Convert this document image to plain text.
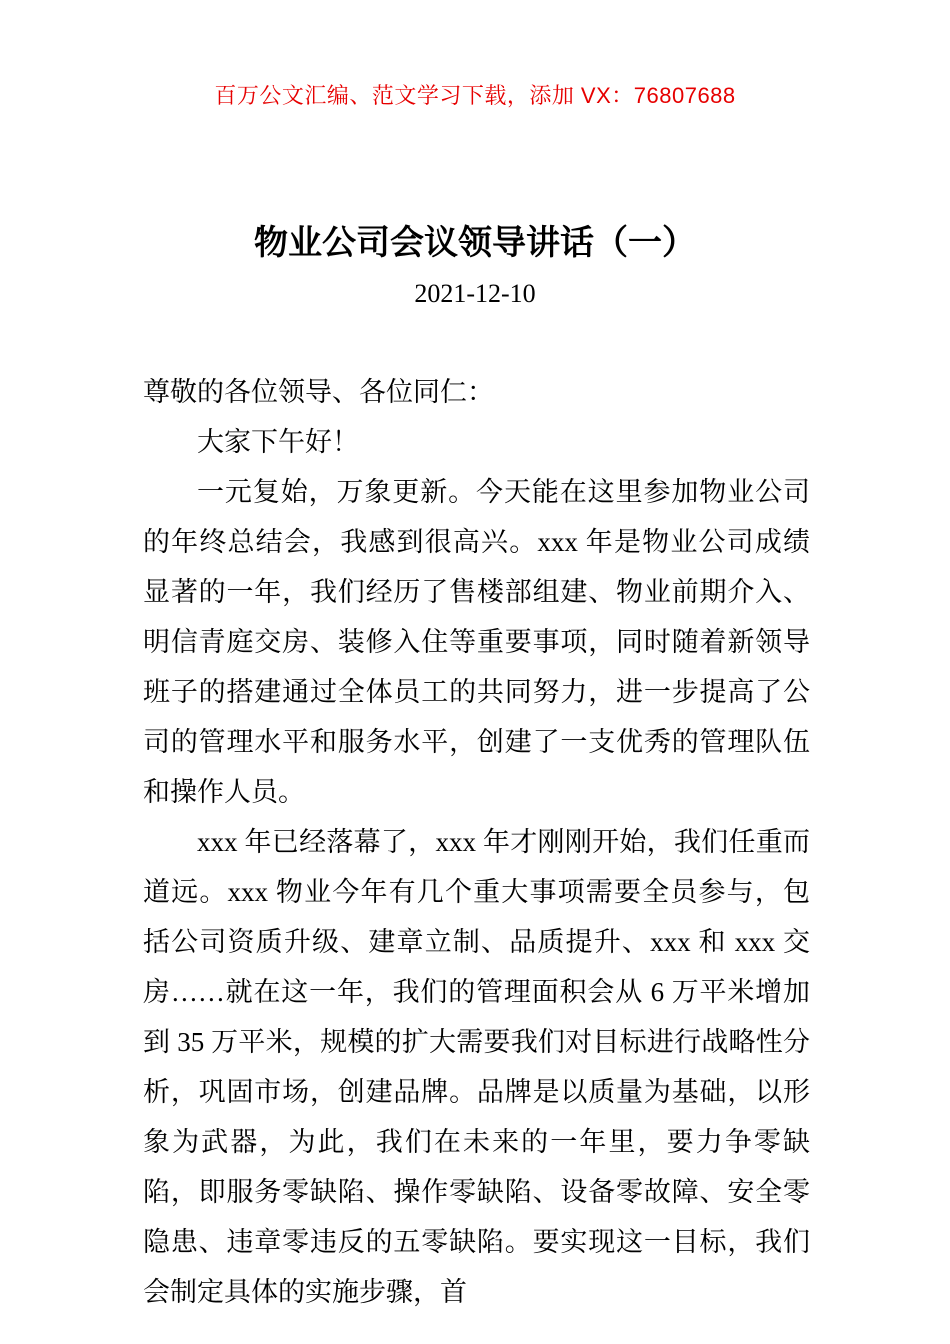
百万公文汇编、范文学习下载，添加 VX：76807688
物业公司会议领导讲话（一）
2021-12-10

尊敬的各位领导、各位同仁：

大家下午好！

一元复始，万象更新。今天能在这里参加物业公司的年终总结会，我感到很高兴。xxx 年是物业公司成绩显著的一年，我们经历了售楼部组建、物业前期介入、明信青庭交房、装修入住等重要事项，同时随着新领导班子的搭建通过全体员工的共同努力，进一步提高了公司的管理水平和服务水平，创建了一支优秀的管理队伍和操作人员。

xxx 年已经落幕了，xxx 年才刚刚开始，我们任重而道远。xxx 物业今年有几个重大事项需要全员参与，包括公司资质升级、建章立制、品质提升、xxx 和 xxx 交房……就在这一年，我们的管理面积会从 6 万平米增加到 35 万平米，规模的扩大需要我们对目标进行战略性分析，巩固市场，创建品牌。品牌是以质量为基础，以形象为武器，为此，我们在未来的一年里，要力争零缺陷，即服务零缺陷、操作零缺陷、设备零故障、安全零隐患、违章零违反的五零缺陷。要实现这一目标，我们会制定具体的实施步骤，首
